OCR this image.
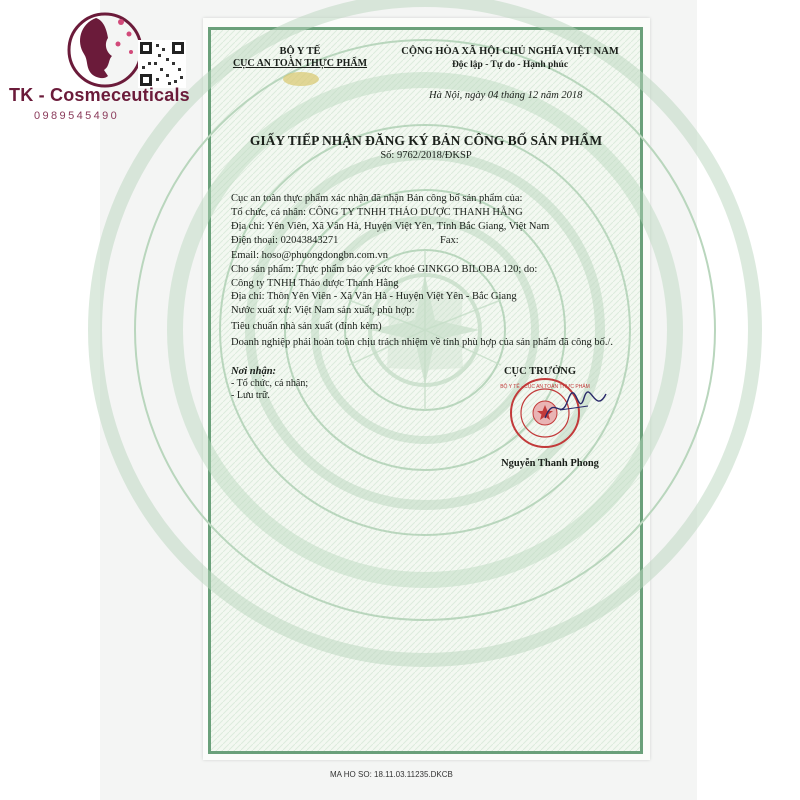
BỘ Y TẾ
CỤC AN TOÀN THỰC PHẨM
CỘNG HÒA XÃ HỘI CHỦ NGHĨA VIỆT NAM
Độc lập - Tự do - Hạnh phúc
Hà Nội, ngày 04 tháng 12 năm 2018
GIẤY TIẾP NHẬN ĐĂNG KÝ BẢN CÔNG BỐ SẢN PHẨM
Số: 9762/2018/ĐKSP
Cục an toàn thực phẩm xác nhận đã nhận Bản công bố sản phẩm của:
Tổ chức, cá nhân: CÔNG TY TNHH THẢO DƯỢC THANH HẰNG
Địa chỉ: Yên Viên, Xã Vân Hà, Huyện Việt Yên, Tỉnh Bắc Giang, Việt Nam
Điện thoại: 02043843271	Fax:
Email: hoso@phuongdongbn.com.vn
Cho sản phẩm: Thực phẩm bảo vệ sức khoẻ GINKGO BILOBA 120; do:
Công ty TNHH Thảo dược Thanh Hằng
Địa chỉ: Thôn Yên Viên - Xã Vân Hà - Huyện Việt Yên - Bắc Giang
Nước xuất xứ: Việt Nam sản xuất, phù hợp:
Tiêu chuẩn nhà sản xuất (đính kèm)
Doanh nghiệp phải hoàn toàn chịu trách nhiệm về tính phù hợp của sản phẩm đã công bố./.
Nơi nhận:
- Tổ chức, cá nhân;
- Lưu trữ.
CỤC TRƯỞNG
BỘ Y TẾ · CỤC AN TOÀN THỰC PHẨM
Nguyễn Thanh Phong
MA HO SO: 18.11.03.11235.DKCB
TK - Cosmeceuticals
0989545490
